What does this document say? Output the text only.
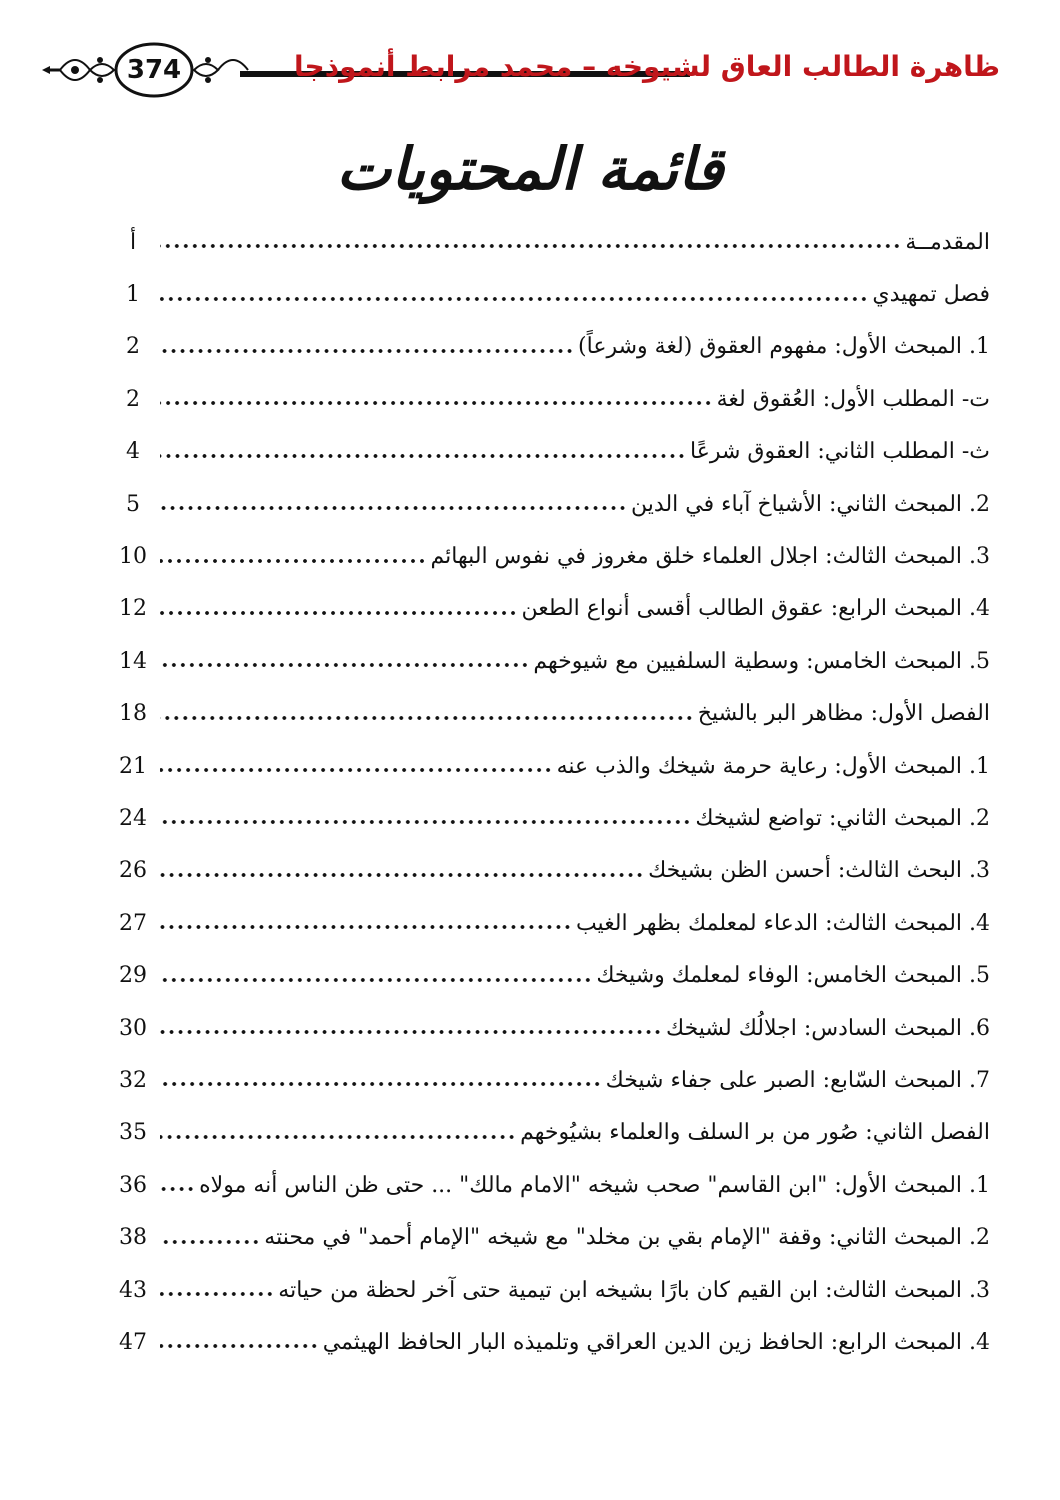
374	ظاهرة الطالب العاق لشيوخه – محمد مرابط أنموذجا
قائمة المحتويات
المقدمــة
أ
فصل تمهيدي
1
1. المبحث الأول: مفهوم العقوق (لغة وشرعاً)
2
ت- المطلب الأول: العُقوق لغة
2
ث- المطلب الثاني: العقوق شرعًا
4
2. المبحث الثاني: الأشياخ آباء في الدين
5
3. المبحث الثالث: اجلال العلماء خلق مغروز في نفوس البهائم
10
4. المبحث الرابع: عقوق الطالب أقسى أنواع الطعن
12
5. المبحث الخامس: وسطية السلفيين مع شيوخهم
14
الفصل الأول: مظاهر البر بالشيخ
18
1. المبحث الأول: رعاية حرمة شيخك والذب عنه
21
2. المبحث الثاني: تواضع لشيخك
24
3. البحث الثالث: أحسن الظن بشيخك
26
4. المبحث الثالث: الدعاء لمعلمك بظهر الغيب
27
5. المبحث الخامس: الوفاء لمعلمك وشيخك
29
6. المبحث السادس: اجلالُك لشيخك
30
7. المبحث السّابع: الصبر على جفاء شيخك
32
الفصل الثاني: صُور من بر السلف والعلماء بشيُوخهم
35
1. المبحث الأول: "ابن القاسم" صحب شيخه "الامام مالك" ... حتى ظن الناس أنه مولاه
36
2. المبحث الثاني: وقفة "الإمام بقي بن مخلد" مع شيخه "الإمام أحمد" في محنته
38
3. المبحث الثالث: ابن القيم كان بارًا بشيخه ابن تيمية حتى آخر لحظة من حياته
43
4. المبحث الرابع: الحافظ زين الدين العراقي وتلميذه البار الحافظ الهيثمي
47
